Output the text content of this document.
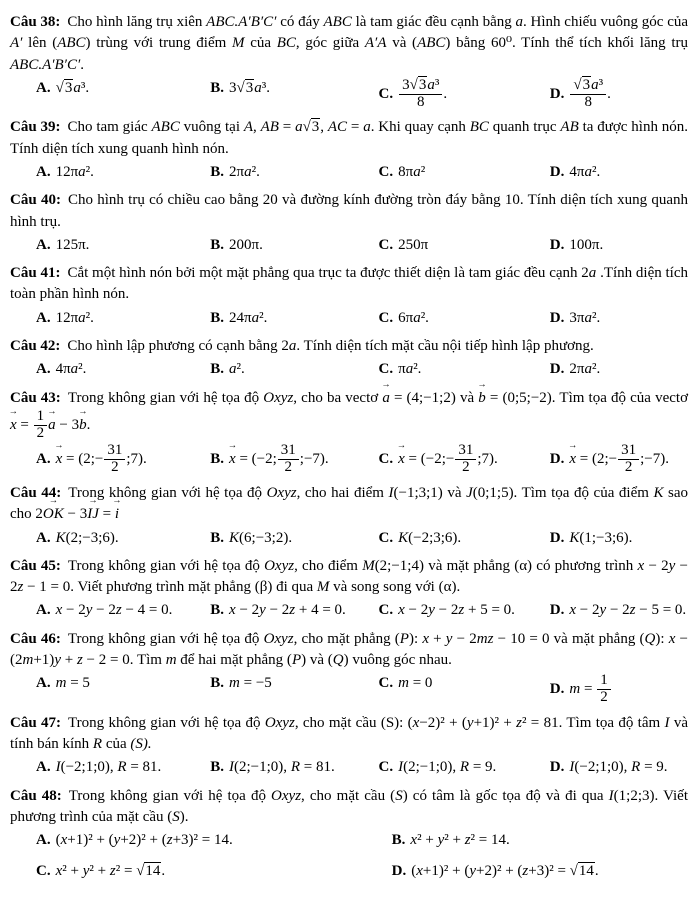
Câu 38: Cho hình lăng trụ xiên ABC.A′B′C′ có đáy ABC là tam giác đều cạnh bằng a. Hình chiếu vuông góc của A′ lên (ABC) trùng với trung điểm M của BC, góc giữa A′A và (ABC) bằng 60⁰. Tính thể tích khối lăng trụ ABC.A′B′C′.

A. √3a³.	B. 3√3a³.	C. $\frac{\text{3√3a³}}{8}$ .	D. $\frac{\text{√3a³}}{8}$ .

Câu 39: Cho tam giác ABC vuông tại A, AB = a√3, AC = a. Khi quay cạnh BC quanh trục AB ta được hình nón. Tính diện tích xung quanh hình nón.

A. 12πa².	B. 2πa².	C. 8πa²	D. 4πa².

Câu 40: Cho hình trụ có chiều cao bằng 20 và đường kính đường tròn đáy bằng 10. Tính diện tích xung quanh hình trụ.

A. 125π.	B. 200π.	C. 250π	D. 100π.

Câu 41: Cắt một hình nón bởi một mặt phẳng qua trục ta được thiết diện là tam giác đều cạnh 2a .Tính diện tích toàn phần hình nón.

A. 12πa².	B. 24πa².	C. 6πa².	D. 3πa².

Câu 42: Cho hình lập phương có cạnh bằng 2a. Tính diện tích mặt cầu nội tiếp hình lập phương.

A. 4πa².	B. a².	C. πa².	D. 2πa².

Câu 43: Trong không gian với hệ tọa độ Oxyz, cho ba vectơ a → = (4;−1;2) và b → = (0;5;−2). Tìm tọa độ của vectơ x → = $\frac{1}{2}$ a → − 3b →.

A. x → = (2;− $\frac{31}{2}$ ;7).	B. x → = (−2; $\frac{31}{2}$ ;−7).	C. x → = (−2;− $\frac{31}{2}$ ;7).	D. x → = (2;− $\frac{31}{2}$ ;−7).

Câu 44: Trong không gian với hệ tọa độ Oxyz, cho hai điểm I(−1;3;1) và J(0;1;5). Tìm tọa độ của điểm K sao cho 2OK → − 3IJ → = i →

A. K(2;−3;6).	B. K(6;−3;2).	C. K(−2;3;6).	D. K(1;−3;6).

Câu 45: Trong không gian với hệ tọa độ Oxyz, cho điểm M(2;−1;4) và mặt phẳng (α) có phương trình x − 2y − 2z − 1 = 0. Viết phương trình mặt phẳng (β) đi qua M và song song với (α).

A. x − 2y − 2z − 4 = 0.	B. x − 2y − 2z + 4 = 0.	C. x − 2y − 2z + 5 = 0.	D. x − 2y − 2z − 5 = 0.

Câu 46: Trong không gian với hệ tọa độ Oxyz, cho mặt phẳng (P): x + y − 2mz − 10 = 0 và mặt phẳng (Q): x − (2m+1)y + z − 2 = 0. Tìm m để hai mặt phẳng (P) và (Q) vuông góc nhau.

A. m = 5	B. m = −5	C. m = 0	D. $m = \frac{1}{2}$

Câu 47: Trong không gian với hệ tọa độ Oxyz, cho mặt cầu (S): (x−2)² + (y+1)² + z² = 81. Tìm tọa độ tâm I và tính bán kính R của (S).

A. I(−2;1;0), R = 81.	B. I(2;−1;0), R = 81.	C. I(2;−1;0), R = 9.	D. I(−2;1;0), R = 9.

Câu 48: Trong không gian với hệ tọa độ Oxyz, cho mặt cầu (S) có tâm là gốc tọa độ và đi qua I(1;2;3). Viết phương trình của mặt cầu (S).

A. (x+1)² + (y+2)² + (z+3)² = 14.	B. x² + y² + z² = 14.
C. x² + y² + z² = √14.	D. (x+1)² + (y+2)² + (z+3)² = √14.
